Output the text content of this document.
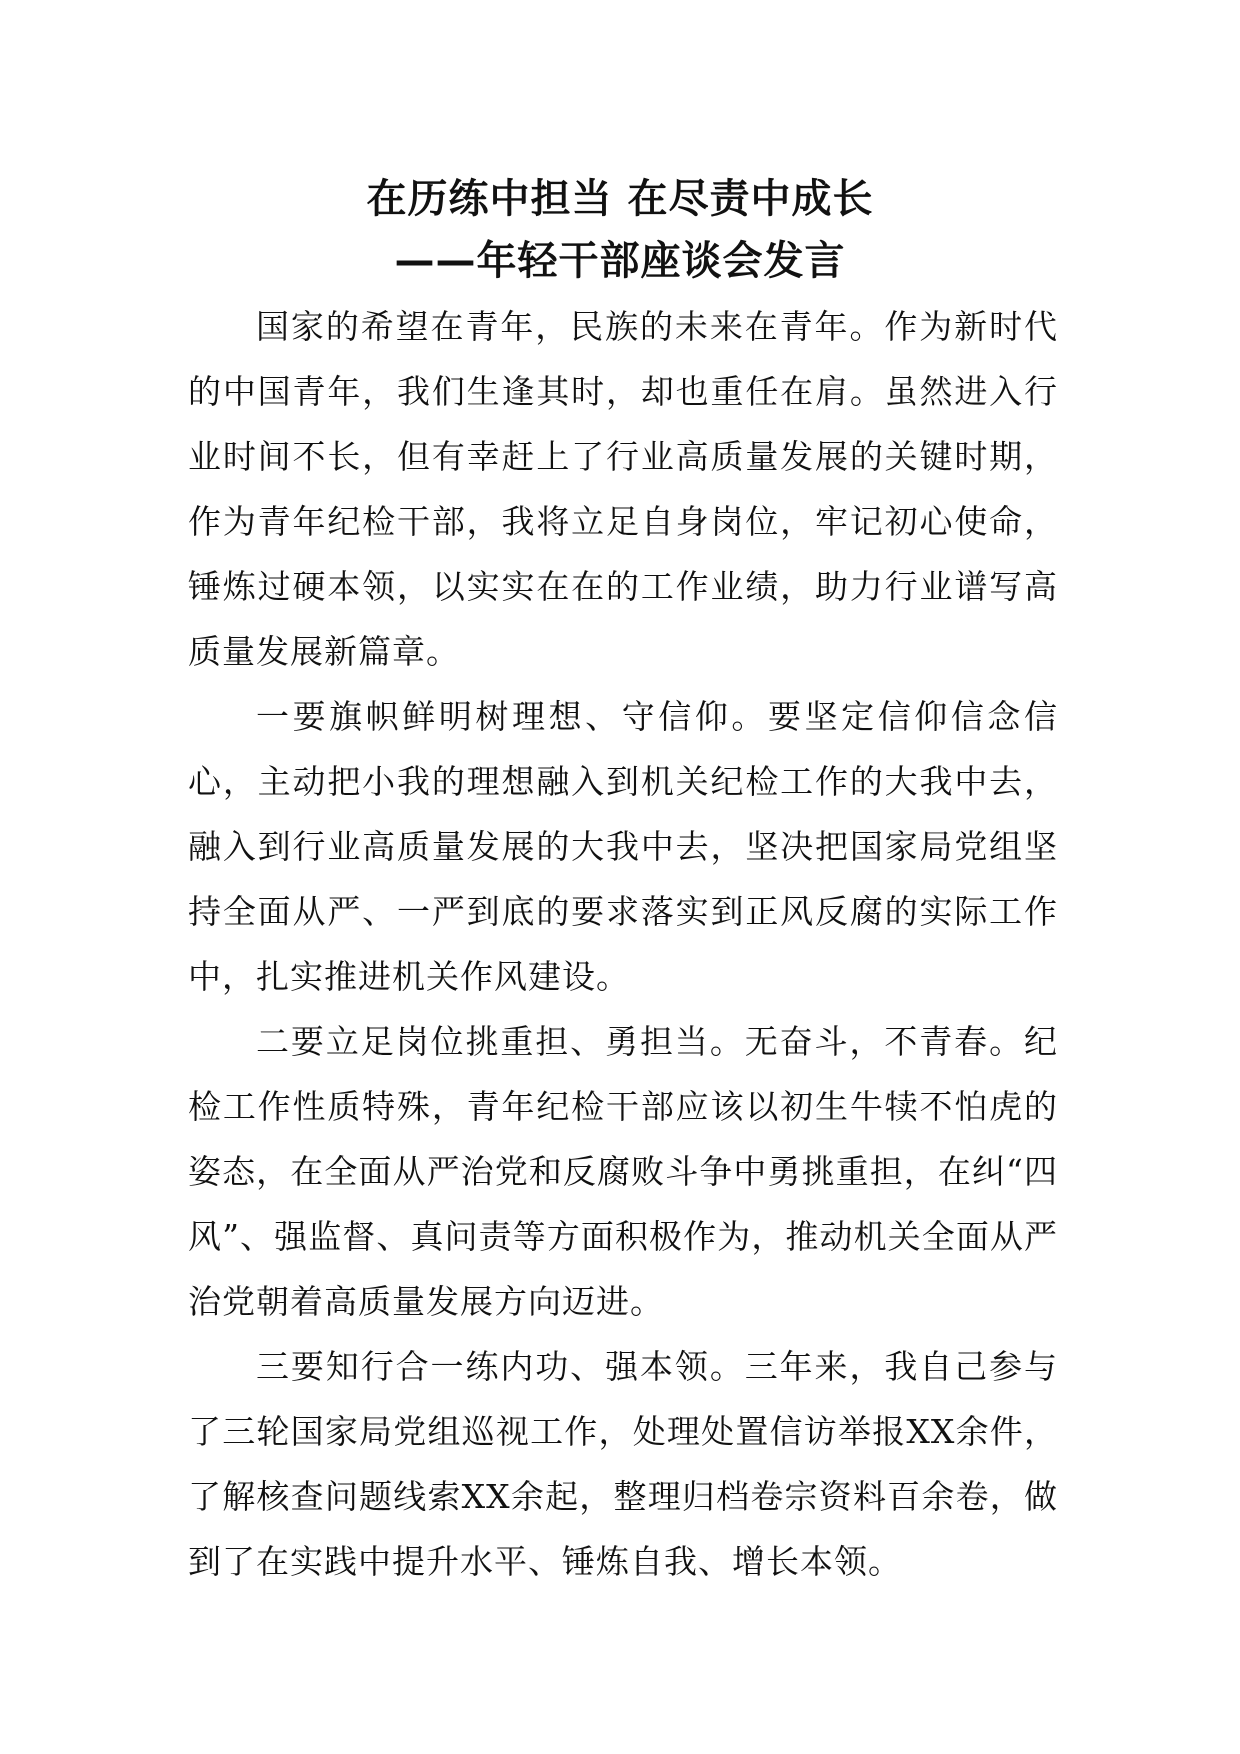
在历练中担当 在尽责中成长
——年轻干部座谈会发言

国家的希望在青年，民族的未来在青年。作为新时代的中国青年，我们生逢其时，却也重任在肩。虽然进入行业时间不长，但有幸赶上了行业高质量发展的关键时期，作为青年纪检干部，我将立足自身岗位，牢记初心使命，锤炼过硬本领，以实实在在的工作业绩，助力行业谱写高质量发展新篇章。

一要旗帜鲜明树理想、守信仰。要坚定信仰信念信心，主动把小我的理想融入到机关纪检工作的大我中去，融入到行业高质量发展的大我中去，坚决把国家局党组坚持全面从严、一严到底的要求落实到正风反腐的实际工作中，扎实推进机关作风建设。

二要立足岗位挑重担、勇担当。无奋斗，不青春。纪检工作性质特殊，青年纪检干部应该以初生牛犊不怕虎的姿态，在全面从严治党和反腐败斗争中勇挑重担，在纠“四风”、强监督、真问责等方面积极作为，推动机关全面从严治党朝着高质量发展方向迈进。

三要知行合一练内功、强本领。三年来，我自己参与了三轮国家局党组巡视工作，处理处置信访举报XX余件，了解核查问题线索XX余起，整理归档卷宗资料百余卷，做到了在实践中提升水平、锤炼自我、增长本领。
